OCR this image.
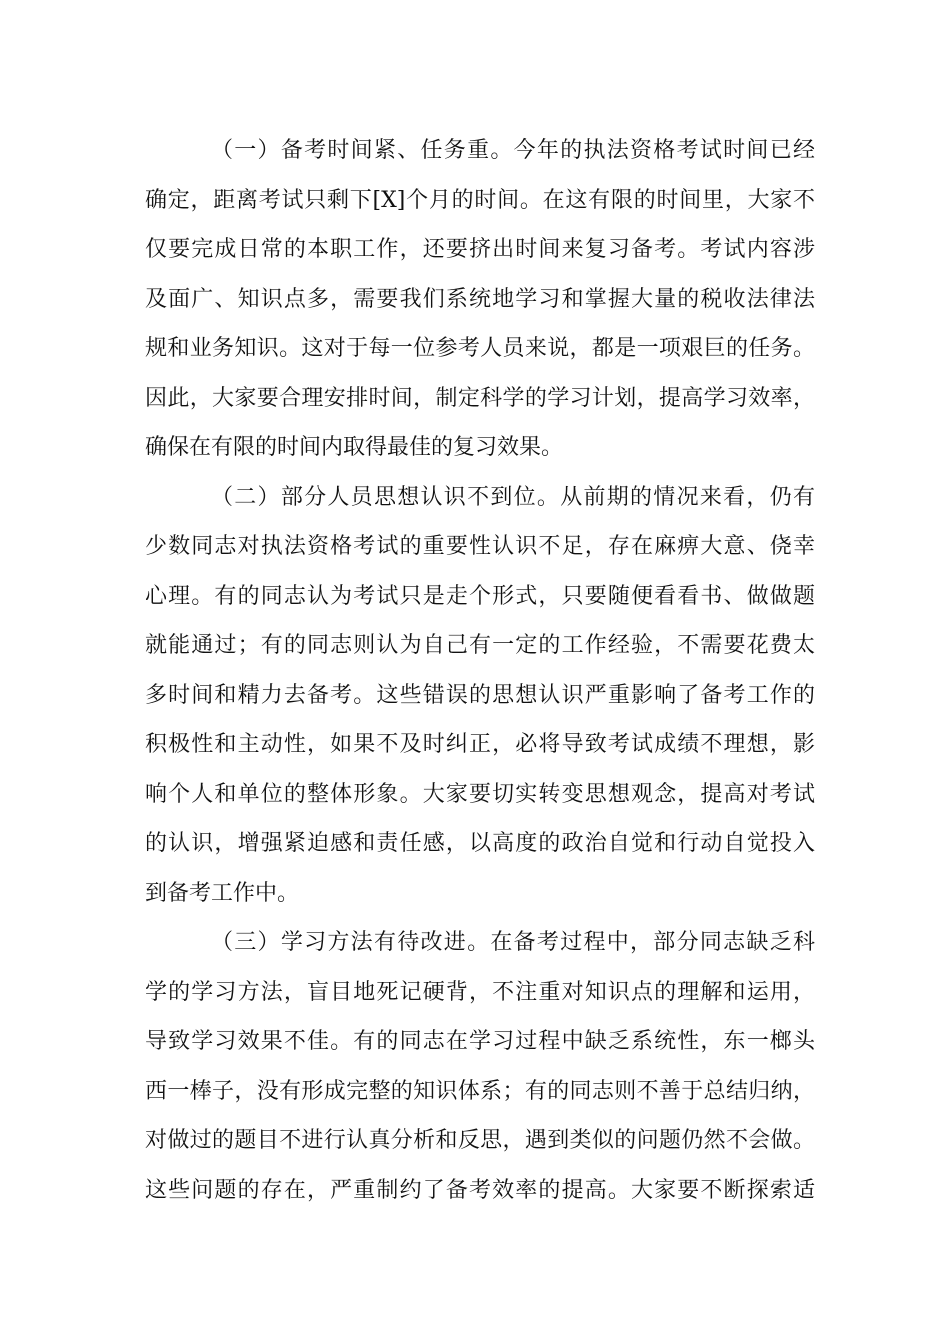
（一）备考时间紧、任务重。今年的执法资格考试时间已经
确定，距离考试只剩下[X]个月的时间。在这有限的时间里，大家不
仅要完成日常的本职工作，还要挤出时间来复习备考。考试内容涉
及面广、知识点多，需要我们系统地学习和掌握大量的税收法律法
规和业务知识。这对于每一位参考人员来说，都是一项艰巨的任务。
因此，大家要合理安排时间，制定科学的学习计划，提高学习效率，
确保在有限的时间内取得最佳的复习效果。
（二）部分人员思想认识不到位。从前期的情况来看，仍有
少数同志对执法资格考试的重要性认识不足，存在麻痹大意、侥幸
心理。有的同志认为考试只是走个形式，只要随便看看书、做做题
就能通过；有的同志则认为自己有一定的工作经验，不需要花费太
多时间和精力去备考。这些错误的思想认识严重影响了备考工作的
积极性和主动性，如果不及时纠正，必将导致考试成绩不理想，影
响个人和单位的整体形象。大家要切实转变思想观念，提高对考试
的认识，增强紧迫感和责任感，以高度的政治自觉和行动自觉投入
到备考工作中。
（三）学习方法有待改进。在备考过程中，部分同志缺乏科
学的学习方法，盲目地死记硬背，不注重对知识点的理解和运用，
导致学习效果不佳。有的同志在学习过程中缺乏系统性，东一榔头
西一棒子，没有形成完整的知识体系；有的同志则不善于总结归纳，
对做过的题目不进行认真分析和反思，遇到类似的问题仍然不会做。
这些问题的存在，严重制约了备考效率的提高。大家要不断探索适
